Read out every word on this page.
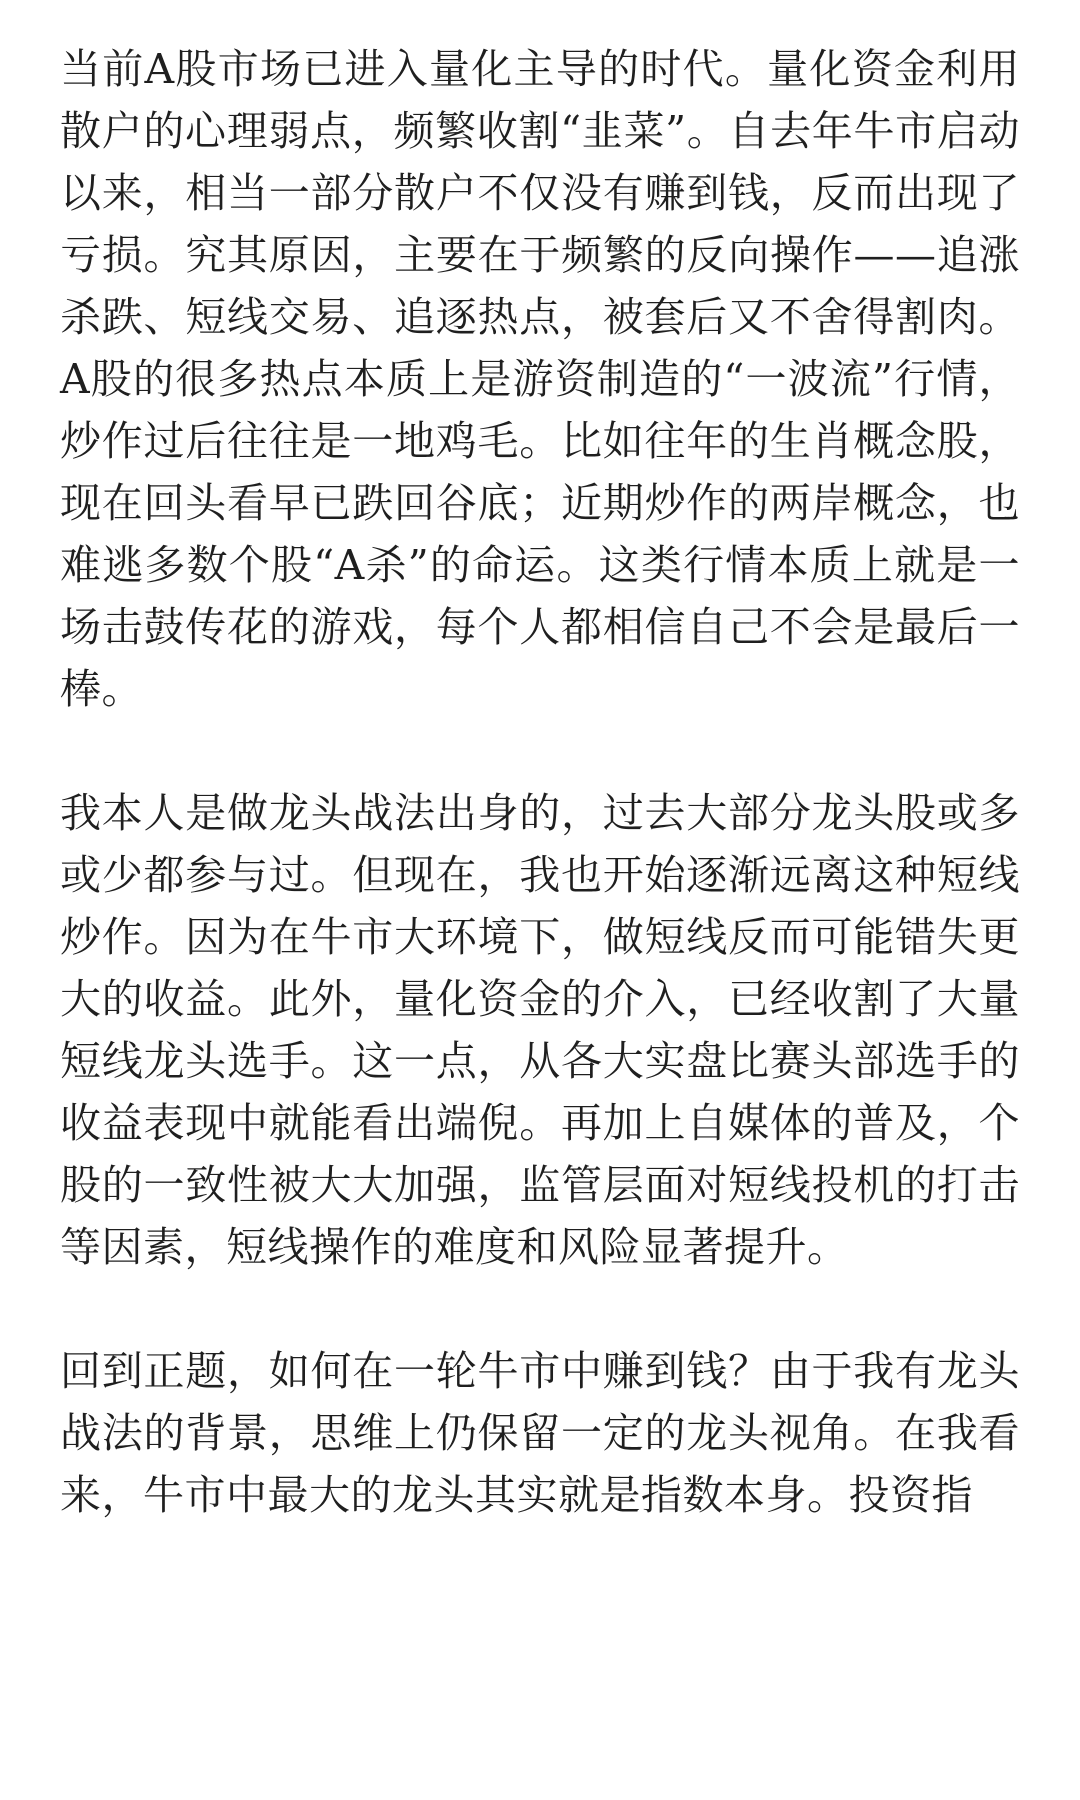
当前A股市场已进入量化主导的时代。量化资金利用散户的心理弱点，频繁收割“韭菜”。自去年牛市启动以来，相当一部分散户不仅没有赚到钱，反而出现了亏损。究其原因，主要在于频繁的反向操作——追涨杀跌、短线交易、追逐热点，被套后又不舍得割肉。A股的很多热点本质上是游资制造的“一波流”行情，炒作过后往往是一地鸡毛。比如往年的生肖概念股，现在回头看早已跌回谷底；近期炒作的两岸概念，也难逃多数个股“A杀”的命运。这类行情本质上就是一场击鼓传花的游戏，每个人都相信自己不会是最后一棒。

我本人是做龙头战法出身的，过去大部分龙头股或多或少都参与过。但现在，我也开始逐渐远离这种短线炒作。因为在牛市大环境下，做短线反而可能错失更大的收益。此外，量化资金的介入，已经收割了大量短线龙头选手。这一点，从各大实盘比赛头部选手的收益表现中就能看出端倪。再加上自媒体的普及，个股的一致性被大大加强，监管层面对短线投机的打击等因素，短线操作的难度和风险显著提升。

回到正题，如何在一轮牛市中赚到钱？由于我有龙头战法的背景，思维上仍保留一定的龙头视角。在我看来，牛市中最大的龙头其实就是指数本身。投资指
